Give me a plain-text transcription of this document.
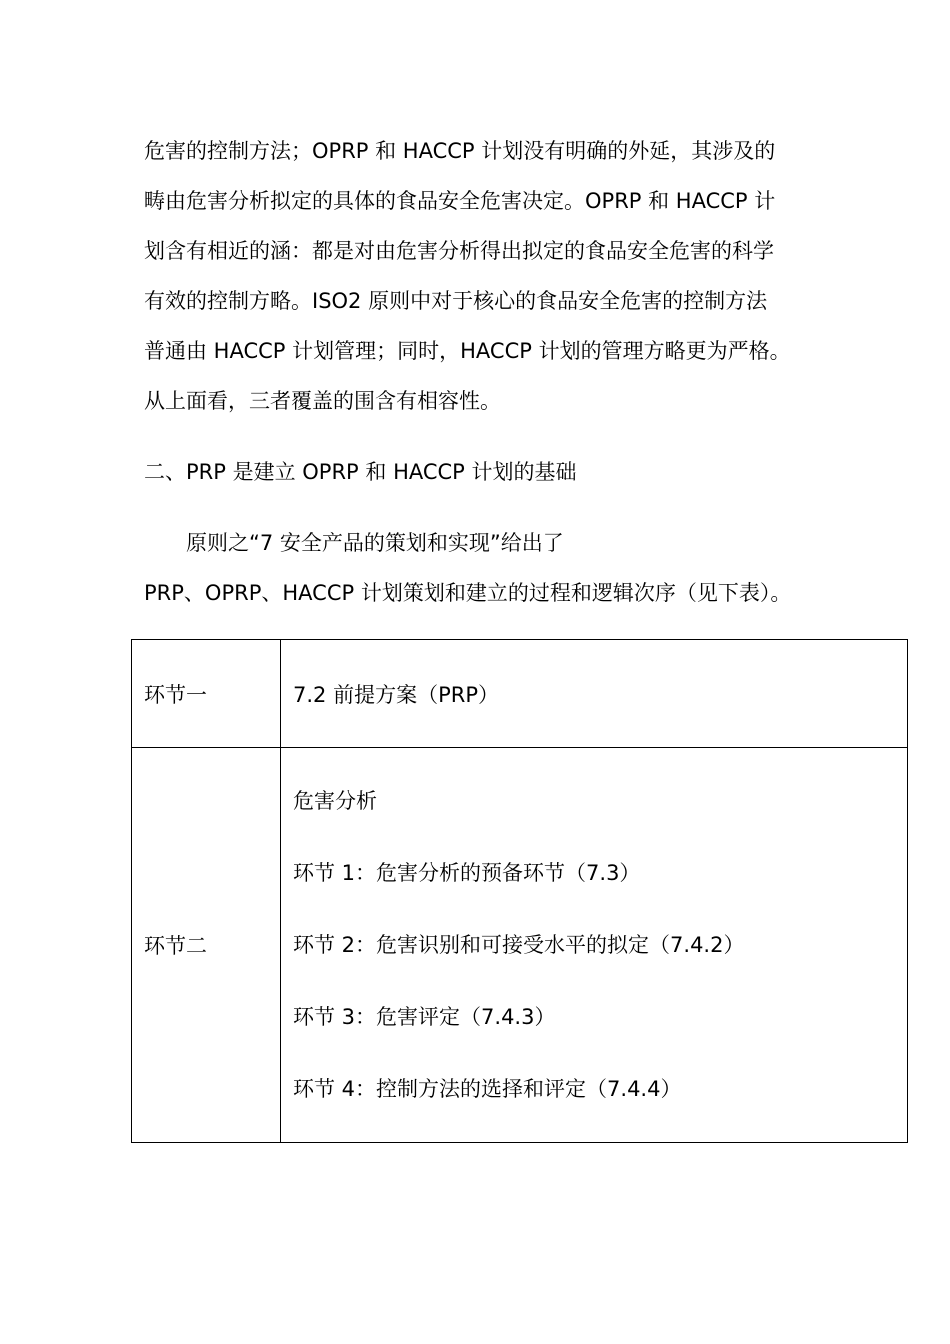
危害的控制方法；OPRP 和 HACCP 计划没有明确的外延，其涉及的
畴由危害分析拟定的具体的食品安全危害决定。OPRP 和 HACCP 计
划含有相近的涵：都是对由危害分析得出拟定的食品安全危害的科学
有效的控制方略。ISO2 原则中对于核心的食品安全危害的控制方法
普通由 HACCP 计划管理；同时，HACCP 计划的管理方略更为严格。
从上面看，三者覆盖的围含有相容性。
二、PRP 是建立 OPRP 和 HACCP 计划的基础
原则之“7 安全产品的策划和实现”给出了
PRP、OPRP、HACCP 计划策划和建立的过程和逻辑次序（见下表）。
环节一	7.2 前提方案（PRP）

环节二	危害分析
环节 1：危害分析的预备环节（7.3）
环节 2：危害识别和可接受水平的拟定（7.4.2）
环节 3：危害评定（7.4.3）
环节 4：控制方法的选择和评定（7.4.4）
